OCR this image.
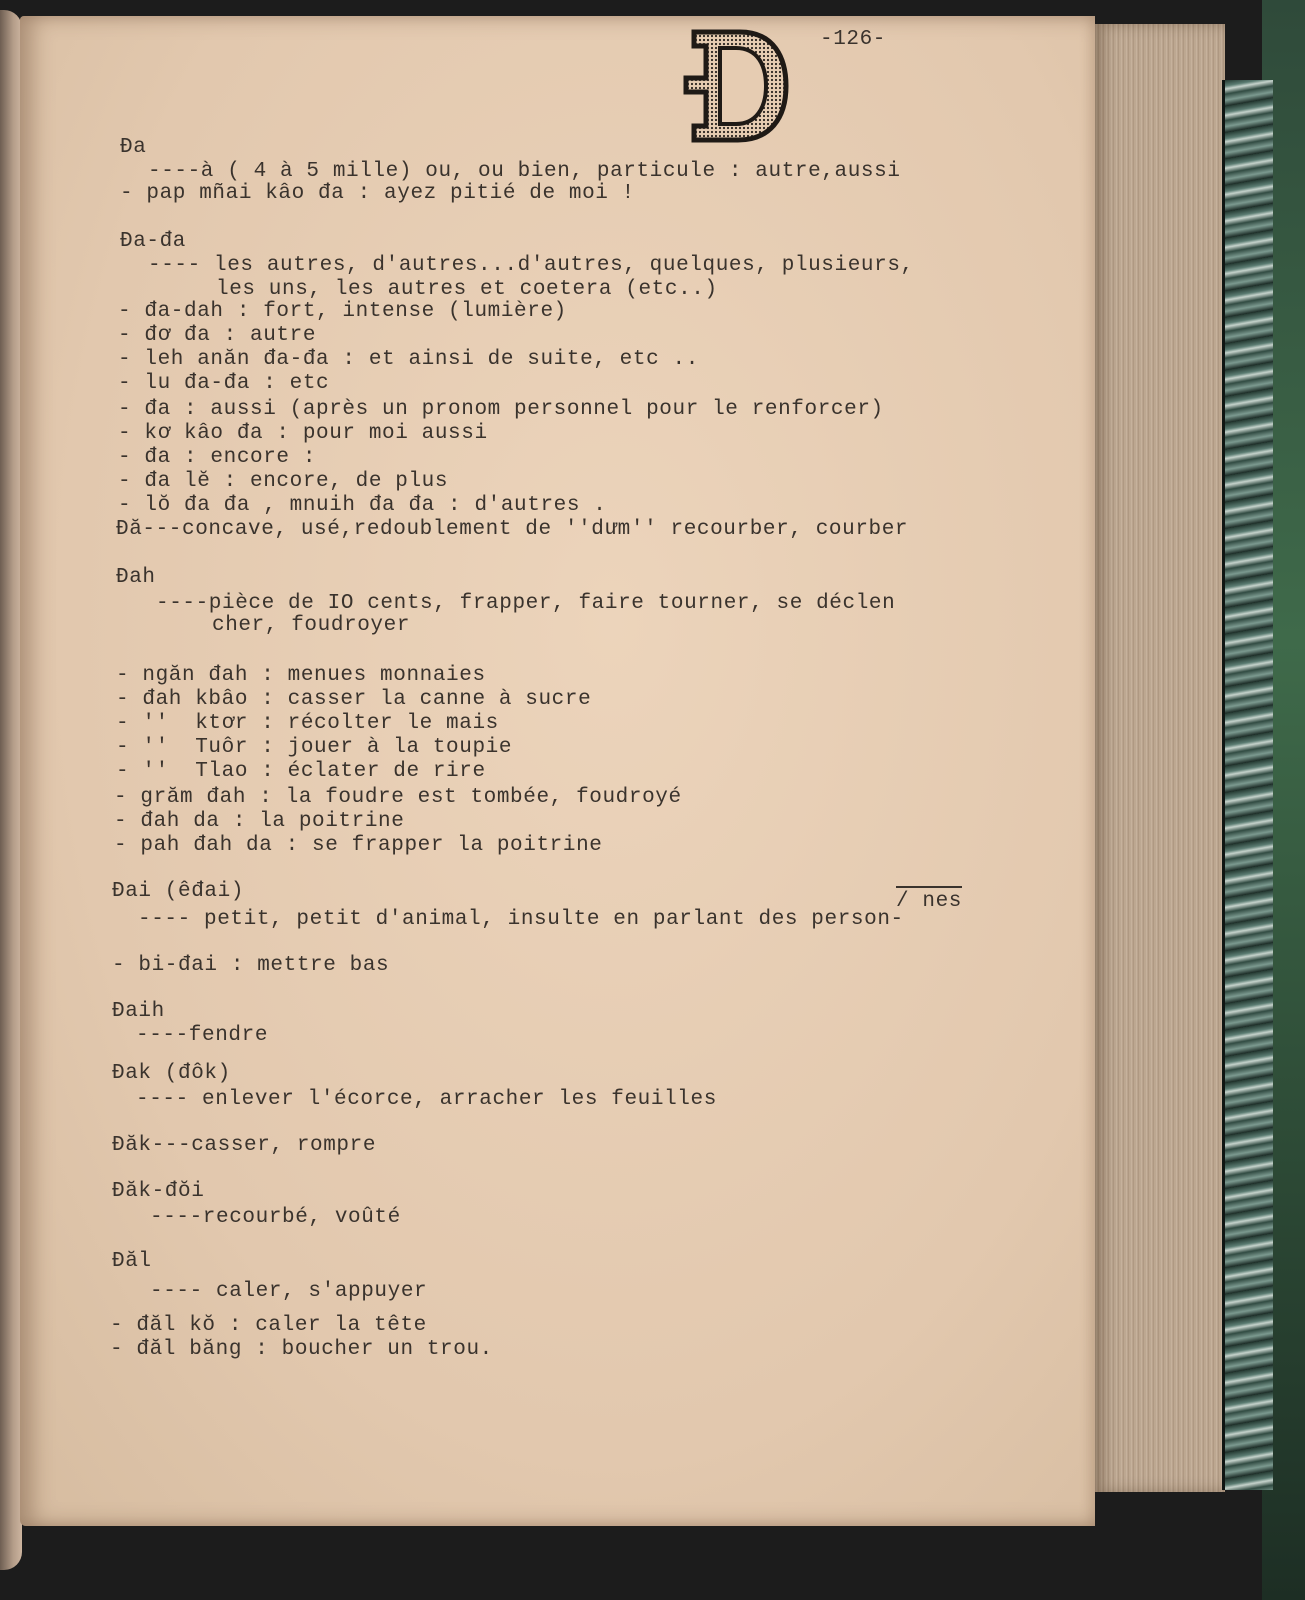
-126-
Đa
----à ( 4 à 5 mille) ou, ou bien, particule : autre,aussi
- pap mñai kâo đa : ayez pitié de moi !
Đa-đa
---- les autres, d'autres...d'autres, quelques, plusieurs,
les uns, les autres et coetera (etc..)
- đa-dah : fort, intense (lumière)
- đơ đa : autre
- leh anăn đa-đa : et ainsi de suite, etc ..
- lu đa-đa : etc
- đa : aussi (après un pronom personnel pour le renforcer)
- kơ kâo đa : pour moi aussi
- đa : encore :
- đa lĕ : encore, de plus
- lŏ đa đa , mnuih đa đa : d'autres .
Đă---concave, usé,redoublement de ''dưm'' recourber, courber
Đah
----pièce de IO cents, frapper, faire tourner, se déclen
cher, foudroyer
- ngăn đah : menues monnaies
- đah kbâo : casser la canne à sucre
- ''  ktơr : récolter le mais
- ''  Tuôr : jouer à la toupie
- ''  Tlao : éclater de rire
- grăm đah : la foudre est tombée, foudroyé
- đah da : la poitrine
- pah đah da : se frapper la poitrine
Đai (êđai)	/ nes
---- petit, petit d'animal, insulte en parlant des person-
- bi-đai : mettre bas
Đaih
----fendre
Đak (đôk)
---- enlever l'écorce, arracher les feuilles
Đăk---casser, rompre
Đăk-đŏi
----recourbé, voûté
Đăl
---- caler, s'appuyer
- đăl kŏ : caler la tête
- đăl băng : boucher un trou.
